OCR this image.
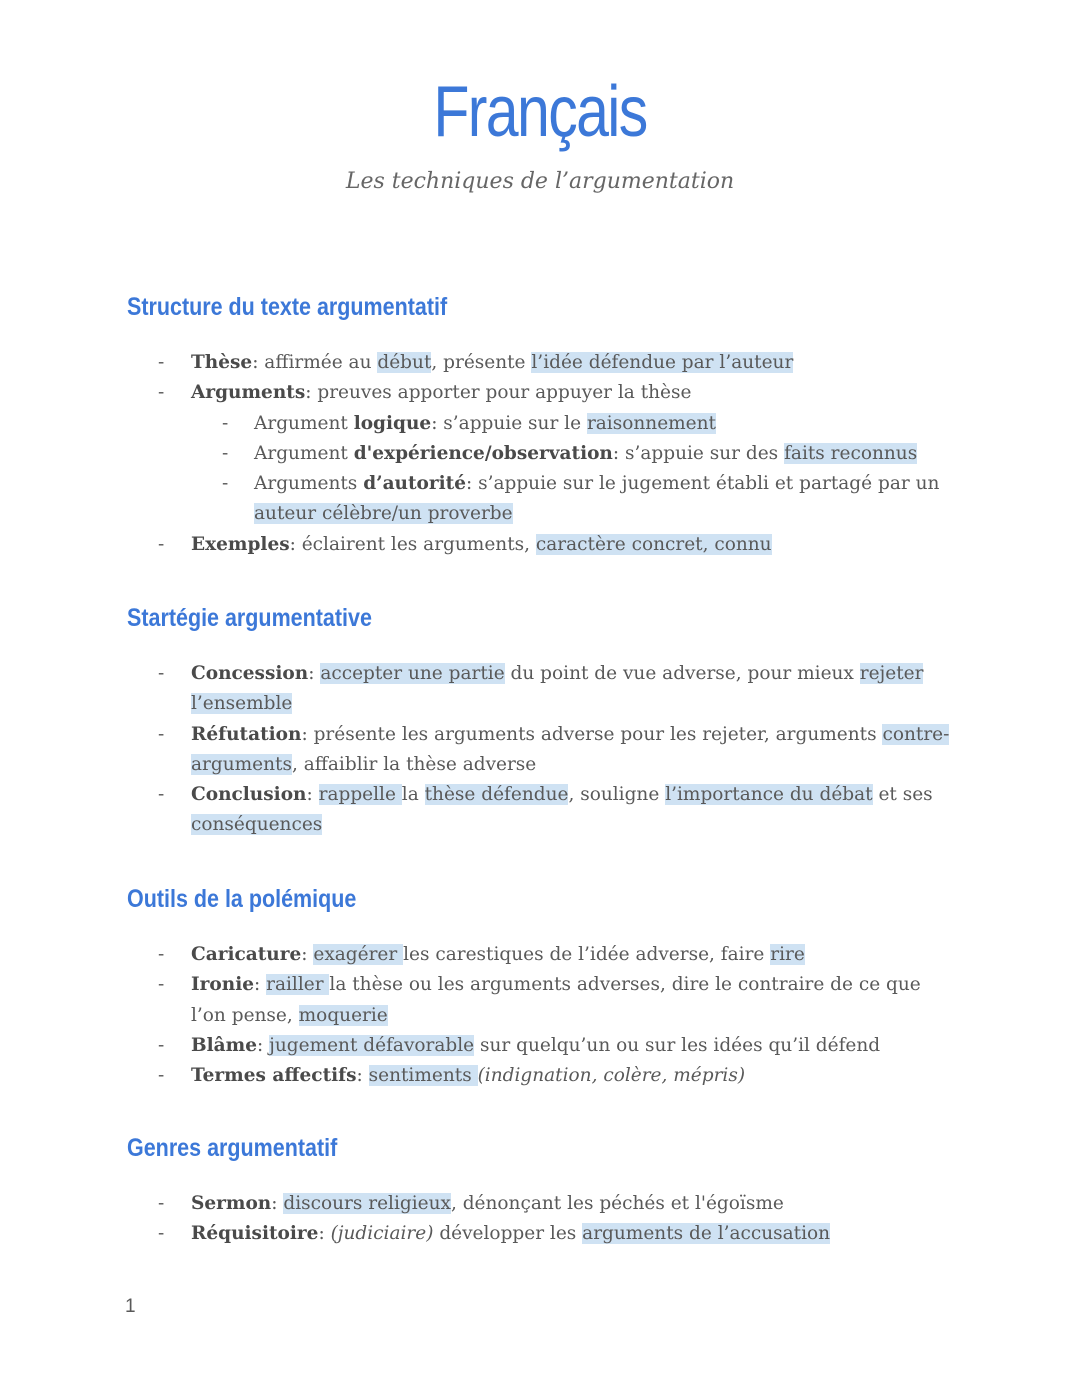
Français
Les techniques de l’argumentation
Structure du texte argumentatif
- Thèse: affirmée au début, présente l’idée défendue par l’auteur
- Arguments: preuves apporter pour appuyer la thèse
- Argument logique: s’appuie sur le raisonnement
- Argument d'expérience/observation: s’appuie sur des faits reconnus
- Arguments d’autorité: s’appuie sur le jugement établi et partagé par un auteur célèbre/un proverbe
- Exemples: éclairent les arguments, caractère concret, connu
Startégie argumentative
- Concession: accepter une partie du point de vue adverse, pour mieux rejeter l’ensemble
- Réfutation: présente les arguments adverse pour les rejeter, arguments contre-arguments, affaiblir la thèse adverse
- Conclusion: rappelle la thèse défendue, souligne l’importance du débat et ses conséquences
Outils de la polémique
- Caricature: exagérer les carestiques de l’idée adverse, faire rire
- Ironie: railler la thèse ou les arguments adverses, dire le contraire de ce que l’on pense, moquerie
- Blâme: jugement défavorable sur quelqu’un ou sur les idées qu’il défend
- Termes affectifs: sentiments (indignation, colère, mépris)
Genres argumentatif
- Sermon: discours religieux, dénonçant les péchés et l'égoïsme
- Réquisitoire: (judiciaire) développer les arguments de l’accusation
1
